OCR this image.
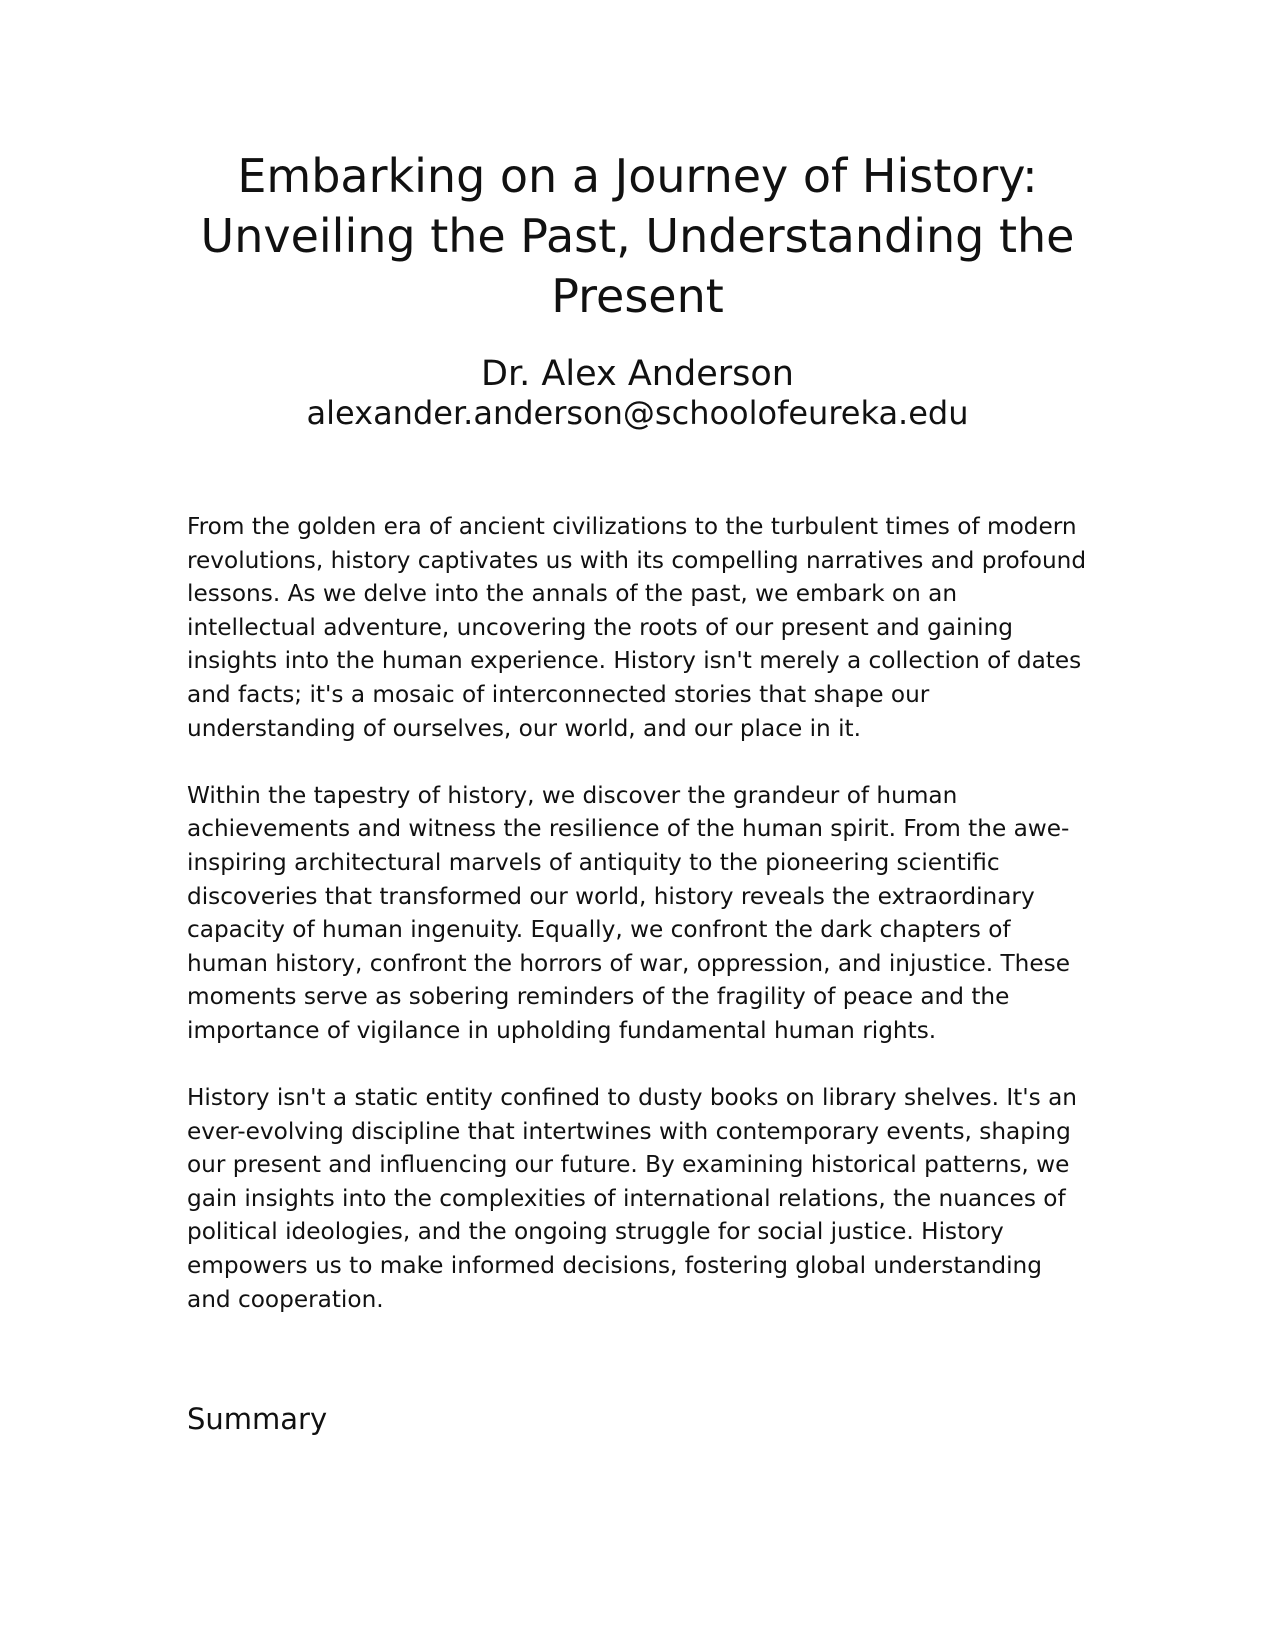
Embarking on a Journey of History: Unveiling the Past, Understanding the Present
Dr. Alex Anderson
alexander.anderson@schoolofeureka.edu

From the golden era of ancient civilizations to the turbulent times of modern revolutions, history captivates us with its compelling narratives and profound lessons. As we delve into the annals of the past, we embark on an intellectual adventure, uncovering the roots of our present and gaining insights into the human experience. History isn't merely a collection of dates and facts; it's a mosaic of interconnected stories that shape our understanding of ourselves, our world, and our place in it.

Within the tapestry of history, we discover the grandeur of human achievements and witness the resilience of the human spirit. From the awe-inspiring architectural marvels of antiquity to the pioneering scientific discoveries that transformed our world, history reveals the extraordinary capacity of human ingenuity. Equally, we confront the dark chapters of human history, confront the horrors of war, oppression, and injustice. These moments serve as sobering reminders of the fragility of peace and the importance of vigilance in upholding fundamental human rights.

History isn't a static entity confined to dusty books on library shelves. It's an ever-evolving discipline that intertwines with contemporary events, shaping our present and influencing our future. By examining historical patterns, we gain insights into the complexities of international relations, the nuances of political ideologies, and the ongoing struggle for social justice. History empowers us to make informed decisions, fostering global understanding and cooperation.

Summary
